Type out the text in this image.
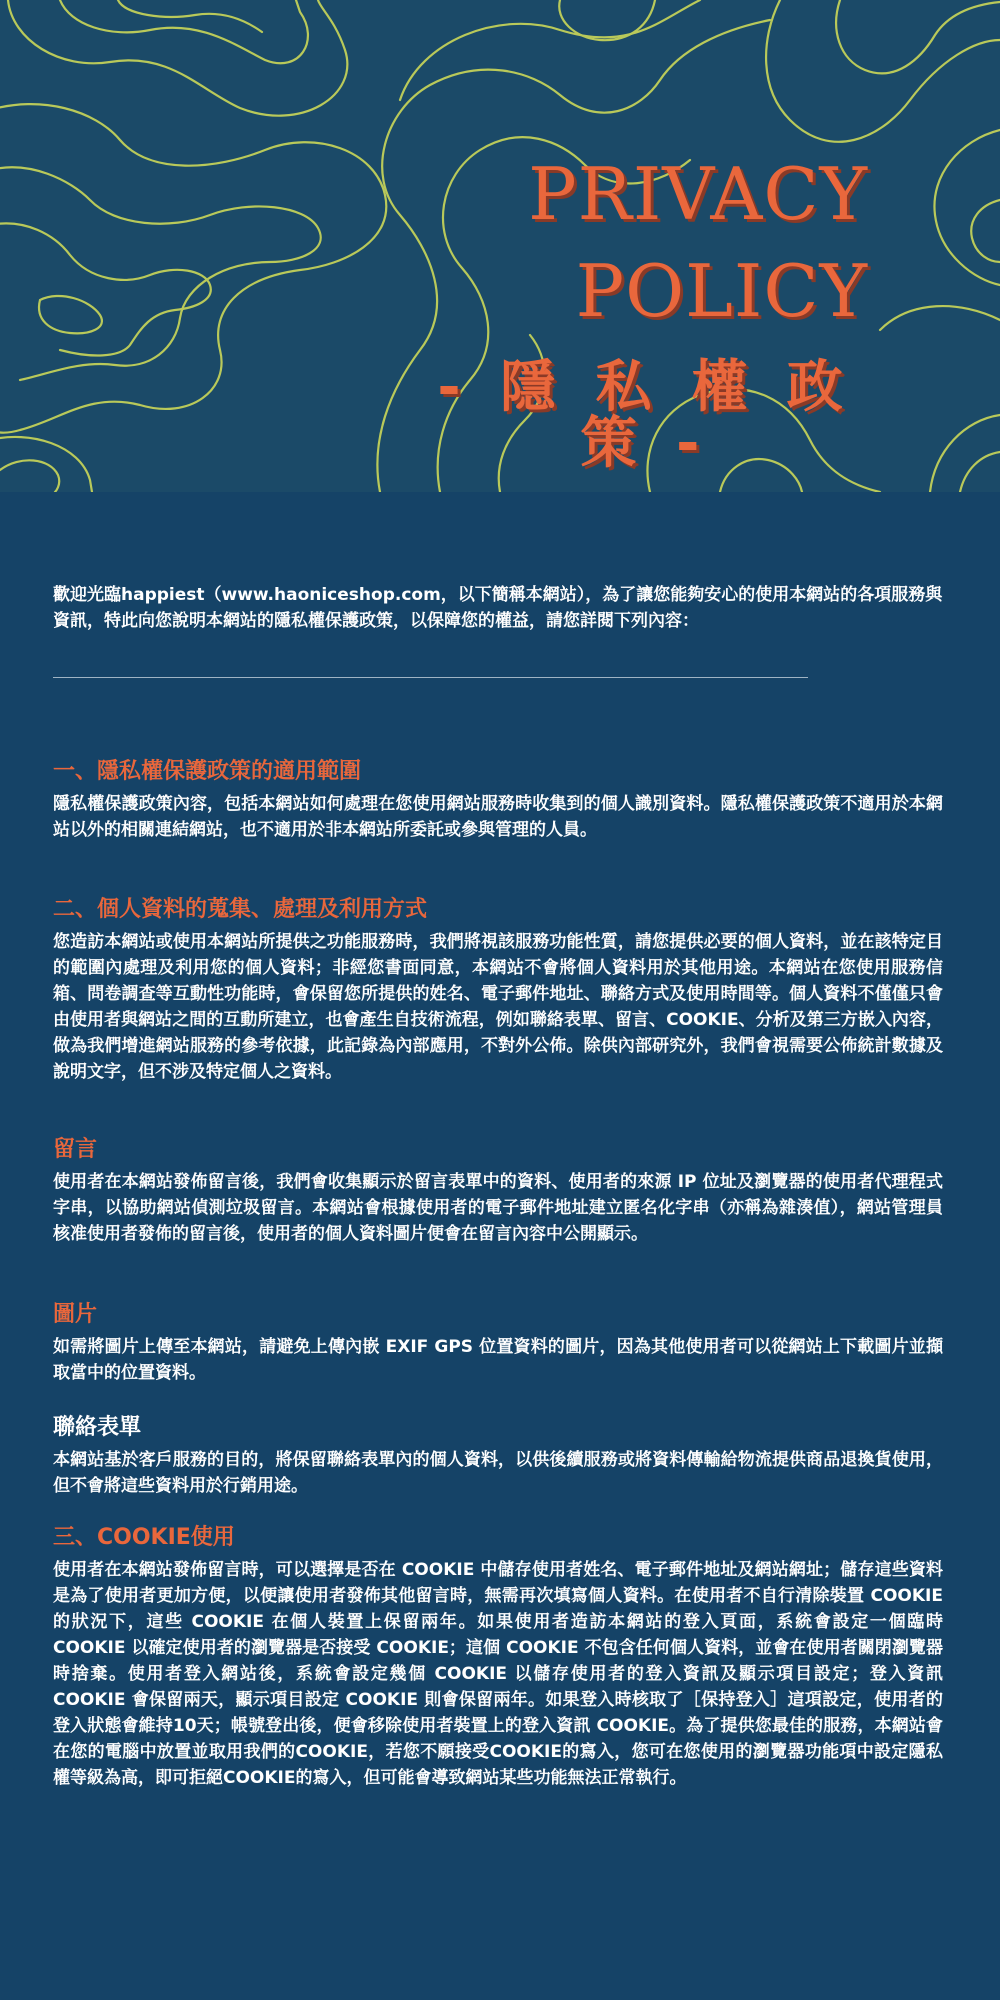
PRIVACY
POLICY
- 隱 私 權 政 策 -
歡迎光臨happiest（www.haoniceshop.com，以下簡稱本網站），為了讓您能夠安心的使用本網站的各項服務與資訊，特此向您說明本網站的隱私權保護政策，以保障您的權益，請您詳閱下列內容：
一、隱私權保護政策的適用範圍

隱私權保護政策內容，包括本網站如何處理在您使用網站服務時收集到的個人識別資料。隱私權保護政策不適用於本網站以外的相關連結網站，也不適用於非本網站所委託或參與管理的人員。

二、個人資料的蒐集、處理及利用方式

您造訪本網站或使用本網站所提供之功能服務時，我們將視該服務功能性質，請您提供必要的個人資料，並在該特定目的範圍內處理及利用您的個人資料；非經您書面同意，本網站不會將個人資料用於其他用途。本網站在您使用服務信箱、問卷調查等互動性功能時，會保留您所提供的姓名、電子郵件地址、聯絡方式及使用時間等。個人資料不僅僅只會由使用者與網站之間的互動所建立，也會產生自技術流程，例如聯絡表單、留言、COOKIE、分析及第三方嵌入內容，做為我們增進網站服務的參考依據，此記錄為內部應用，不對外公佈。除供內部研究外，我們會視需要公佈統計數據及說明文字，但不涉及特定個人之資料。

留言

使用者在本網站發佈留言後，我們會收集顯示於留言表單中的資料、使用者的來源 IP 位址及瀏覽器的使用者代理程式字串，以協助網站偵測垃圾留言。本網站會根據使用者的電子郵件地址建立匿名化字串（亦稱為雜湊值），網站管理員核准使用者發佈的留言後，使用者的個人資料圖片便會在留言內容中公開顯示。

圖片

如需將圖片上傳至本網站，請避免上傳內嵌 EXIF GPS 位置資料的圖片，因為其他使用者可以從網站上下載圖片並擷取當中的位置資料。

聯絡表單

本網站基於客戶服務的目的，將保留聯絡表單內的個人資料，以供後續服務或將資料傳輸給物流提供商品退換貨使用，但不會將這些資料用於行銷用途。

三、COOKIE使用

使用者在本網站發佈留言時，可以選擇是否在 COOKIE 中儲存使用者姓名、電子郵件地址及網站網址；儲存這些資料是為了使用者更加方便，以便讓使用者發佈其他留言時，無需再次填寫個人資料。在使用者不自行清除裝置 COOKIE 的狀況下，這些 COOKIE 在個人裝置上保留兩年。如果使用者造訪本網站的登入頁面，系統會設定一個臨時 COOKIE 以確定使用者的瀏覽器是否接受 COOKIE；這個 COOKIE 不包含任何個人資料，並會在使用者關閉瀏覽器時捨棄。使用者登入網站後，系統會設定幾個 COOKIE 以儲存使用者的登入資訊及顯示項目設定；登入資訊 COOKIE 會保留兩天，顯示項目設定 COOKIE 則會保留兩年。如果登入時核取了［保持登入］這項設定，使用者的登入狀態會維持10天；帳號登出後，便會移除使用者裝置上的登入資訊 COOKIE。為了提供您最佳的服務，本網站會在您的電腦中放置並取用我們的COOKIE，若您不願接受COOKIE的寫入，您可在您使用的瀏覽器功能項中設定隱私權等級為高，即可拒絕COOKIE的寫入，但可能會導致網站某些功能無法正常執行。
